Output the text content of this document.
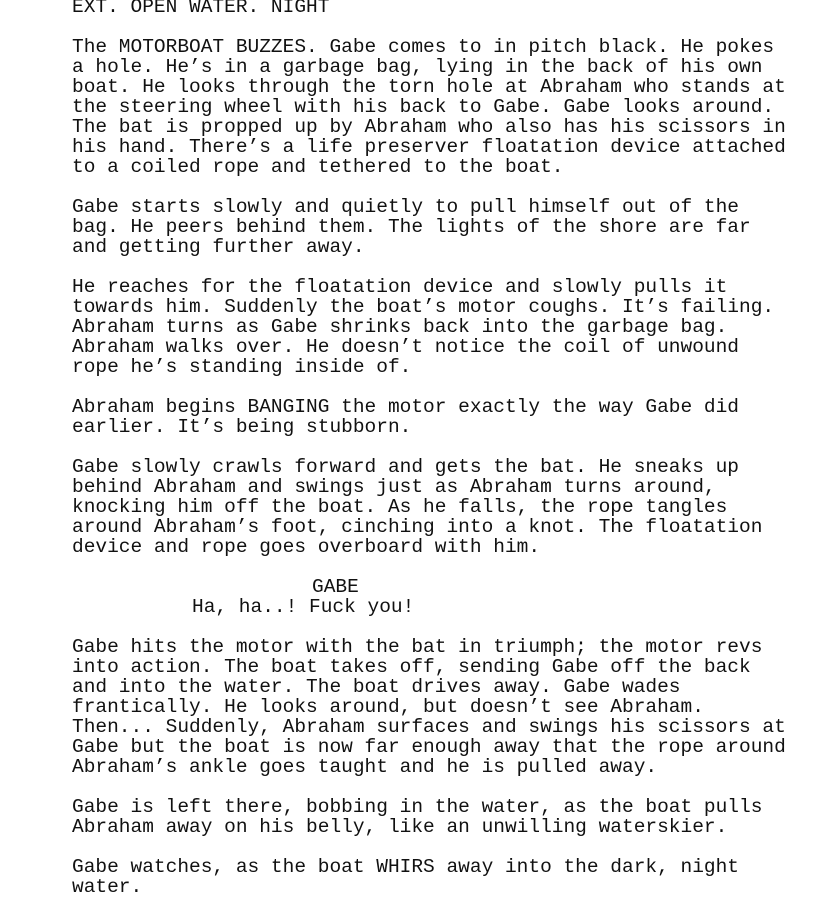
EXT. OPEN WATER. NIGHT
The MOTORBOAT BUZZES. Gabe comes to in pitch black. He pokes
a hole. He’s in a garbage bag, lying in the back of his own
boat. He looks through the torn hole at Abraham who stands at
the steering wheel with his back to Gabe. Gabe looks around.
The bat is propped up by Abraham who also has his scissors in
his hand. There’s a life preserver floatation device attached
to a coiled rope and tethered to the boat.
Gabe starts slowly and quietly to pull himself out of the
bag. He peers behind them. The lights of the shore are far
and getting further away.
He reaches for the floatation device and slowly pulls it
towards him. Suddenly the boat’s motor coughs. It’s failing.
Abraham turns as Gabe shrinks back into the garbage bag.
Abraham walks over. He doesn’t notice the coil of unwound
rope he’s standing inside of.
Abraham begins BANGING the motor exactly the way Gabe did
earlier. It’s being stubborn.
Gabe slowly crawls forward and gets the bat. He sneaks up
behind Abraham and swings just as Abraham turns around,
knocking him off the boat. As he falls, the rope tangles
around Abraham’s foot, cinching into a knot. The floatation
device and rope goes overboard with him.
GABE
Ha, ha..! Fuck you!
Gabe hits the motor with the bat in triumph; the motor revs
into action. The boat takes off, sending Gabe off the back
and into the water. The boat drives away. Gabe wades
frantically. He looks around, but doesn’t see Abraham.
Then... Suddenly, Abraham surfaces and swings his scissors at
Gabe but the boat is now far enough away that the rope around
Abraham’s ankle goes taught and he is pulled away.
Gabe is left there, bobbing in the water, as the boat pulls
Abraham away on his belly, like an unwilling waterskier.
Gabe watches, as the boat WHIRS away into the dark, night
water.
